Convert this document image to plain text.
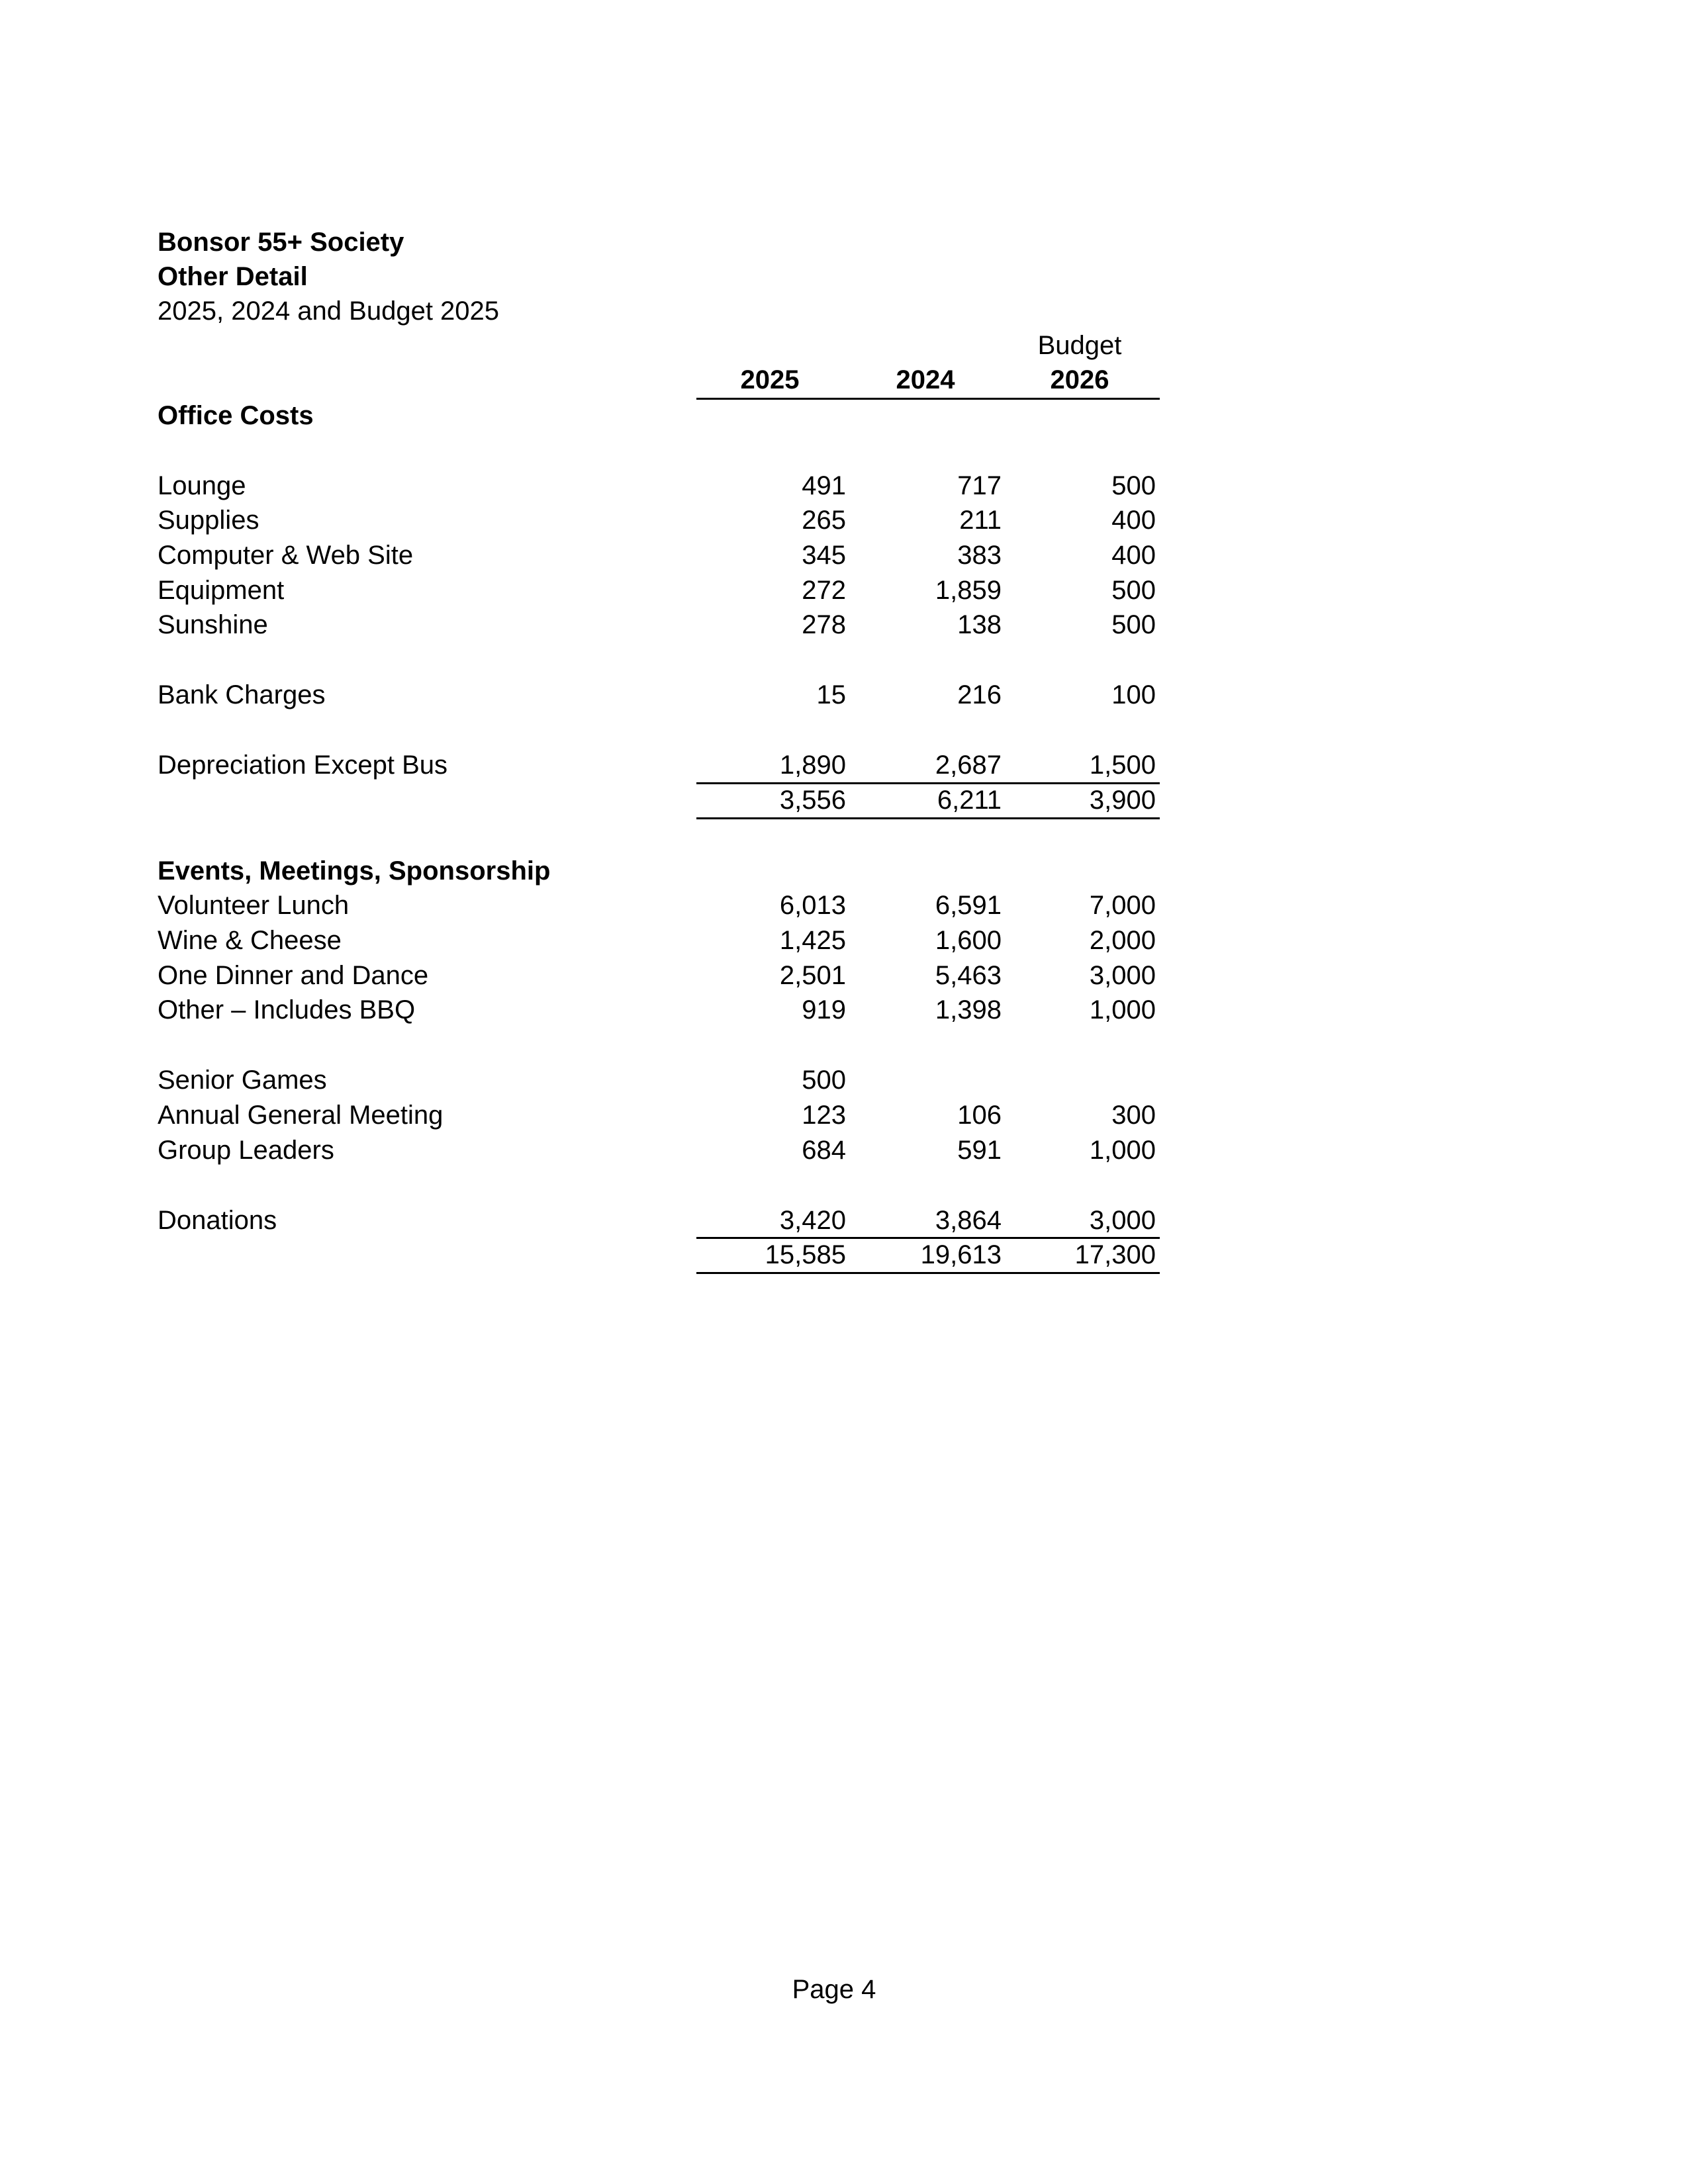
Bonsor 55+ Society
Other Detail
2025, 2024 and Budget 2025
Budget
2025	2024	2026
Office Costs
Lounge	491	717	500
Supplies	265	211	400
Computer & Web Site	345	383	400
Equipment	272	1,859	500
Sunshine	278	138	500
Bank Charges	15	216	100
Depreciation Except Bus	1,890	2,687	1,500
3,556	6,211	3,900
Events, Meetings, Sponsorship
Volunteer Lunch	6,013	6,591	7,000
Wine & Cheese	1,425	1,600	2,000
One Dinner and Dance	2,501	5,463	3,000
Other – Includes BBQ	919	1,398	1,000
Senior Games	500
Annual General Meeting	123	106	300
Group Leaders	684	591	1,000
Donations	3,420	3,864	3,000
15,585	19,613	17,300
Page 4
